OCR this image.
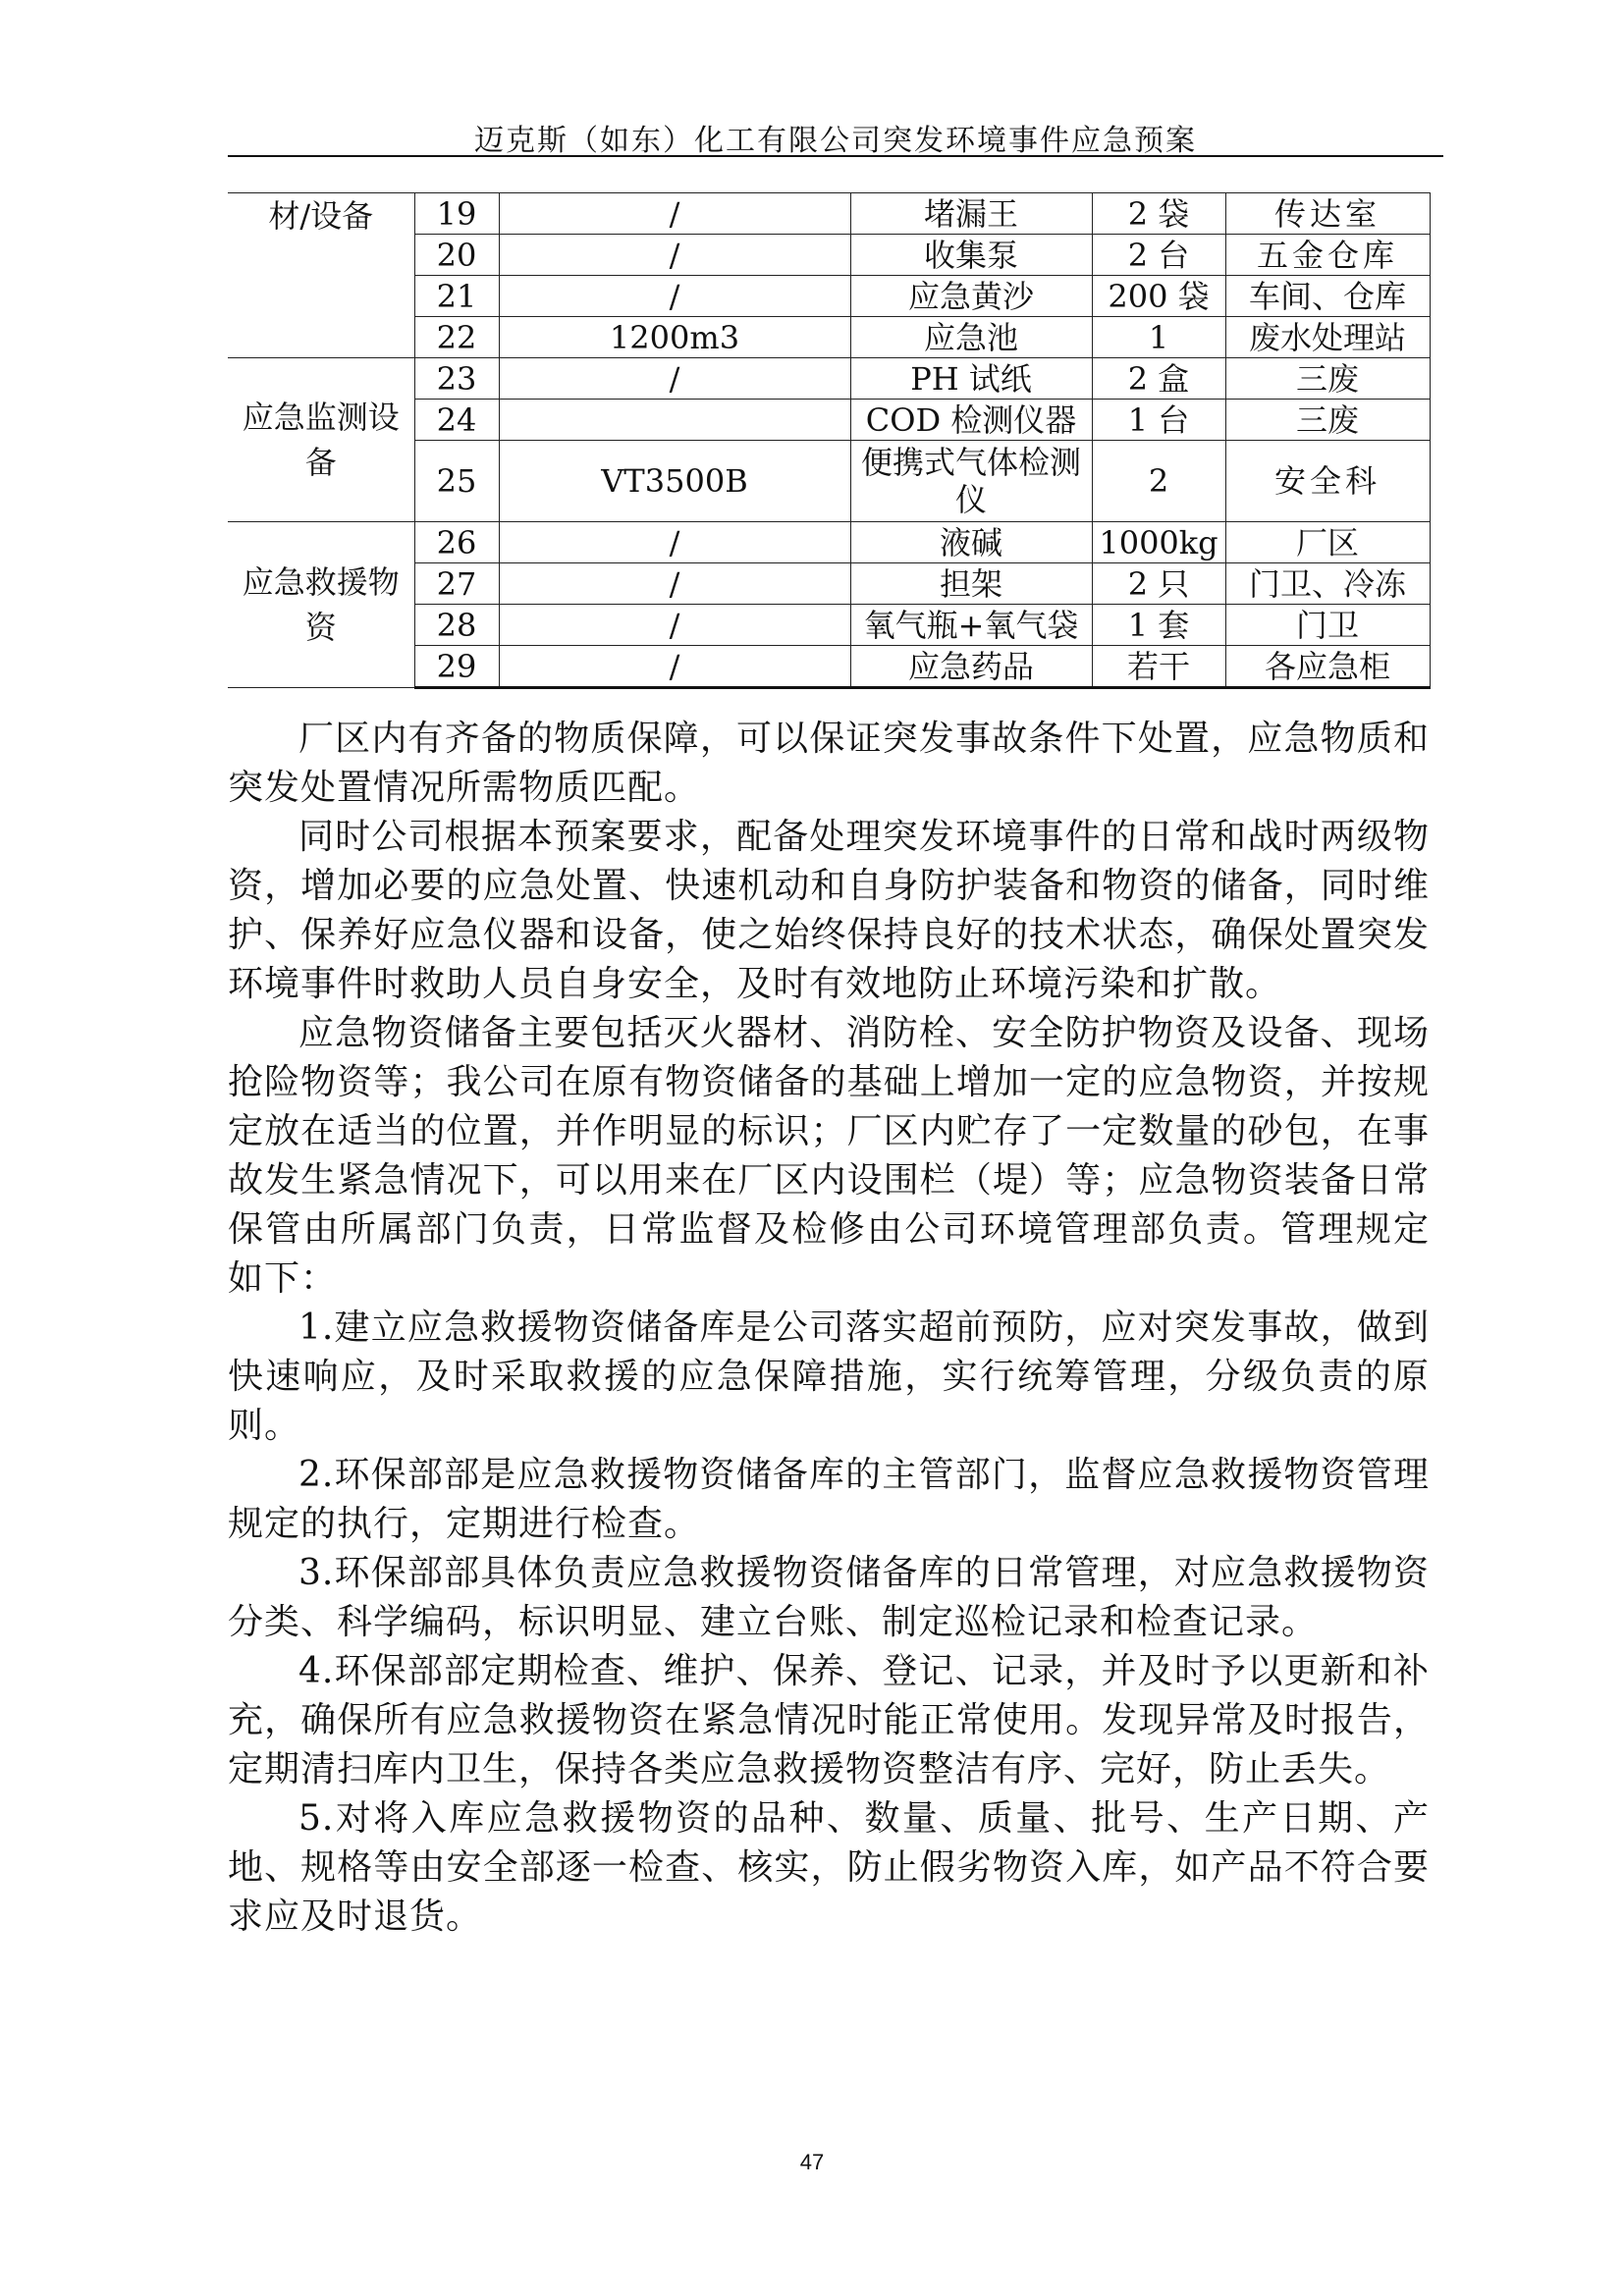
迈克斯（如东）化工有限公司突发环境事件应急预案
材/设备	19	/	堵漏王	2 袋	传达室
	20	/	收集泵	2 台	五金仓库
	21	/	应急黄沙	200 袋	车间、仓库
	22	1200m3	应急池	1	废水处理站
应急监测设备	23	/	PH 试纸	2 盒	三废
	24		COD 检测仪器	1 台	三废
	25	VT3500B	便携式气体检测仪	2	安全科
应急救援物资	26	/	液碱	1000kg	厂区
	27	/	担架	2 只	门卫、冷冻
	28	/	氧气瓶+氧气袋	1 套	门卫
	29	/	应急药品	若干	各应急柜

厂区内有齐备的物质保障，可以保证突发事故条件下处置，应急物质和突发处置情况所需物质匹配。

同时公司根据本预案要求，配备处理突发环境事件的日常和战时两级物资，增加必要的应急处置、快速机动和自身防护装备和物资的储备，同时维护、保养好应急仪器和设备，使之始终保持良好的技术状态，确保处置突发环境事件时救助人员自身安全，及时有效地防止环境污染和扩散。

应急物资储备主要包括灭火器材、消防栓、安全防护物资及设备、现场抢险物资等；我公司在原有物资储备的基础上增加一定的应急物资，并按规定放在适当的位置，并作明显的标识；厂区内贮存了一定数量的砂包，在事故发生紧急情况下，可以用来在厂区内设围栏（堤）等；应急物资装备日常保管由所属部门负责，日常监督及检修由公司环境管理部负责。管理规定 如下：

1.建立应急救援物资储备库是公司落实超前预防，应对突发事故，做到快速响应，及时采取救援的应急保障措施，实行统筹管理，分级负责的原则。

2.环保部部是应急救援物资储备库的主管部门，监督应急救援物资管理规定的执行，定期进行检查。

3.环保部部具体负责应急救援物资储备库的日常管理，对应急救援物资分类、科学编码，标识明显、建立台账、制定巡检记录和检查记录。

4.环保部部定期检查、维护、保养、登记、记录，并及时予以更新和补充，确保所有应急救援物资在紧急情况时能正常使用。发现异常及时报告，定期清扫库内卫生，保持各类应急救援物资整洁有序、完好，防止丢失。

5.对将入库应急救援物资的品种、数量、质量、批号、生产日期、产地、规格等由安全部逐一检查、核实，防止假劣物资入库，如产品不符合要求应及时退货。

47
